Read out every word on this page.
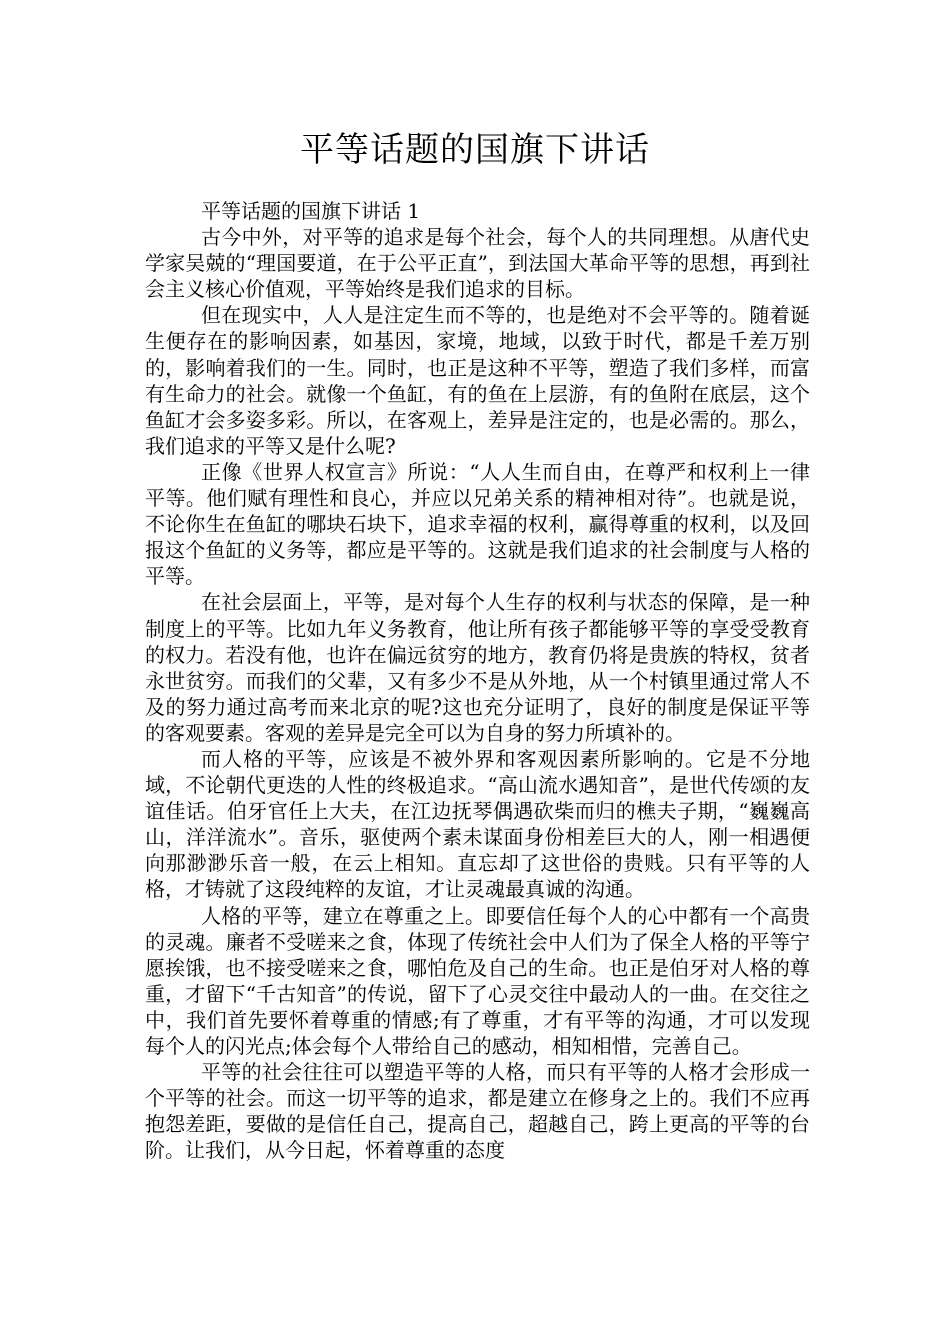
平等话题的国旗下讲话

平等话题的国旗下讲话 1

古今中外，对平等的追求是每个社会，每个人的共同理想。从唐代史学家吴兢的“理国要道，在于公平正直”，到法国大革命平等的思想，再到社会主义核心价值观，平等始终是我们追求的目标。

但在现实中，人人是注定生而不等的，也是绝对不会平等的。随着诞生便存在的影响因素，如基因，家境，地域，以致于时代，都是千差万别的，影响着我们的一生。同时，也正是这种不平等，塑造了我们多样，而富有生命力的社会。就像一个鱼缸，有的鱼在上层游，有的鱼附在底层，这个鱼缸才会多姿多彩。所以，在客观上，差异是注定的，也是必需的。那么，我们追求的平等又是什么呢?

正像《世界人权宣言》所说：“人人生而自由，在尊严和权利上一律平等。他们赋有理性和良心，并应以兄弟关系的精神相对待”。也就是说，不论你生在鱼缸的哪块石块下，追求幸福的权利，赢得尊重的权利，以及回报这个鱼缸的义务等，都应是平等的。这就是我们追求的社会制度与人格的平等。

在社会层面上，平等，是对每个人生存的权利与状态的保障，是一种制度上的平等。比如九年义务教育，他让所有孩子都能够平等的享受受教育的权力。若没有他，也许在偏远贫穷的地方，教育仍将是贵族的特权，贫者永世贫穷。而我们的父辈，又有多少不是从外地，从一个村镇里通过常人不及的努力通过高考而来北京的呢?这也充分证明了，良好的制度是保证平等的客观要素。客观的差异是完全可以为自身的努力所填补的。

而人格的平等，应该是不被外界和客观因素所影响的。它是不分地域，不论朝代更迭的人性的终极追求。“高山流水遇知音”，是世代传颂的友谊佳话。伯牙官任上大夫，在江边抚琴偶遇砍柴而归的樵夫子期，“巍巍高山，洋洋流水”。音乐，驱使两个素未谋面身份相差巨大的人，刚一相遇便向那渺渺乐音一般，在云上相知。直忘却了这世俗的贵贱。只有平等的人格，才铸就了这段纯粹的友谊，才让灵魂最真诚的沟通。

人格的平等，建立在尊重之上。即要信任每个人的心中都有一个高贵的灵魂。廉者不受嗟来之食，体现了传统社会中人们为了保全人格的平等宁愿挨饿，也不接受嗟来之食，哪怕危及自己的生命。也正是伯牙对人格的尊重，才留下“千古知音”的传说，留下了心灵交往中最动人的一曲。在交往之中，我们首先要怀着尊重的情感;有了尊重，才有平等的沟通，才可以发现每个人的闪光点;体会每个人带给自己的感动，相知相惜，完善自己。

平等的社会往往可以塑造平等的人格，而只有平等的人格才会形成一个平等的社会。而这一切平等的追求，都是建立在修身之上的。我们不应再抱怨差距，要做的是信任自己，提高自己，超越自己，跨上更高的平等的台阶。让我们，从今日起，怀着尊重的态度
